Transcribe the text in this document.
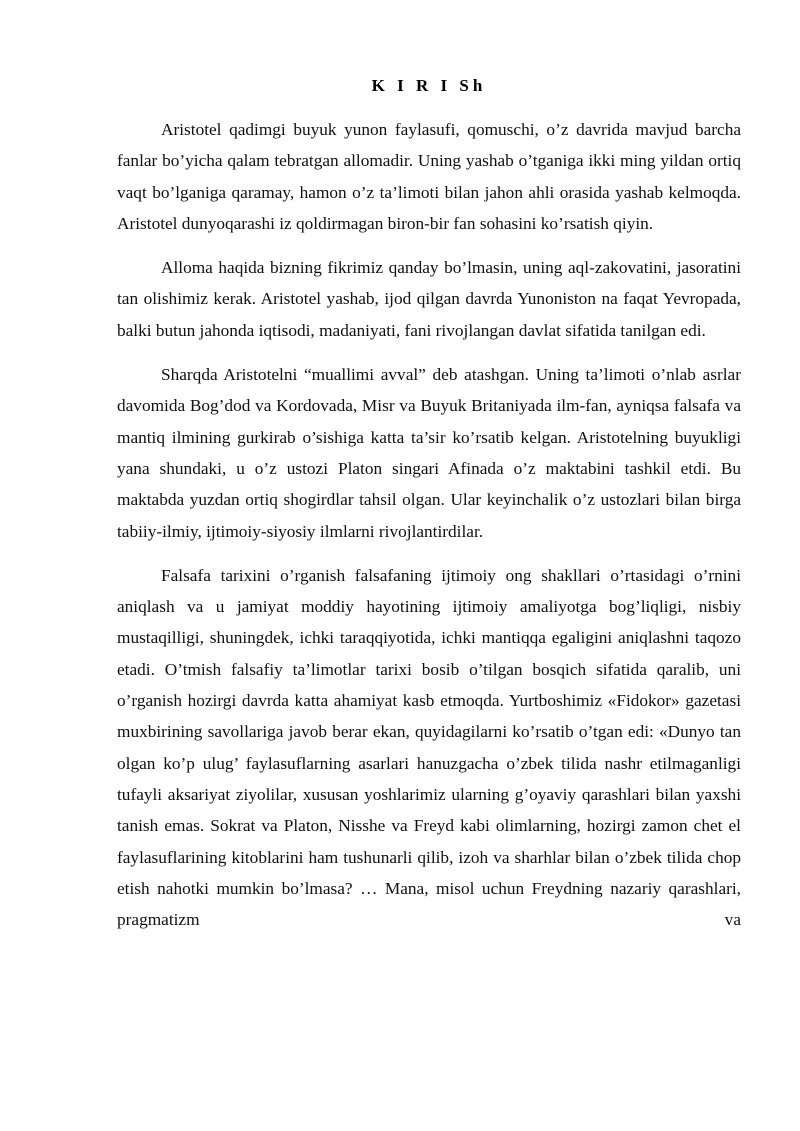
K I R I Sh

Aristotel qadimgi buyuk yunon faylasufi, qomuschi, o’z davrida mavjud barcha fanlar bo’yicha qalam tebratgan allomadir. Uning yashab o’tganiga ikki ming yildan ortiq vaqt bo’lganiga qaramay, hamon o’z ta’limoti bilan jahon ahli orasida yashab kelmoqda. Aristotel dunyoqarashi iz qoldirmagan biron-bir fan sohasini ko’rsatish qiyin.

Alloma haqida bizning fikrimiz qanday bo’lmasin, uning aql-zakovatini, jasoratini tan olishimiz kerak. Aristotel yashab, ijod qilgan davrda Yunoniston na faqat Yevropada, balki butun jahonda iqtisodi, madaniyati, fani rivojlangan davlat sifatida tanilgan edi.

Sharqda Aristotelni “muallimi avval” deb atashgan. Uning ta’limoti o’nlab asrlar davomida Bog’dod va Kordovada, Misr va Buyuk Britaniyada ilm-fan, ayniqsa falsafa va mantiq ilmining gurkirab o’sishiga katta ta’sir ko’rsatib kelgan. Aristotelning buyukligi yana shundaki, u o’z ustozi Platon singari Afinada o’z maktabini tashkil etdi. Bu maktabda yuzdan ortiq shogirdlar tahsil olgan. Ular keyinchalik o’z ustozlari bilan birga tabiiy-ilmiy, ijtimoiy-siyosiy ilmlarni rivojlantirdilar.

Falsafa tarixini o’rganish falsafaning ijtimoiy ong shakllari o’rtasidagi o’rnini aniqlash va u jamiyat moddiy hayotining ijtimoiy amaliyotga bog’liqligi, nisbiy mustaqilligi, shuningdek, ichki taraqqiyotida, ichki mantiqqa egaligini aniqlashni taqozo etadi. O’tmish falsafiy ta’limotlar tarixi bosib o’tilgan bosqich sifatida qaralib, uni o’rganish hozirgi davrda katta ahamiyat kasb etmoqda. Yurtboshimiz «Fidokor» gazetasi muxbirining savollariga javob berar ekan, quyidagilarni ko’rsatib o’tgan edi: «Dunyo tan olgan ko’p ulug’ faylasuflarning asarlari hanuzgacha o’zbek tilida nashr etilmaganligi tufayli aksariyat ziyolilar, xususan yoshlarimiz ularning g’oyaviy qarashlari bilan yaxshi tanish emas. Sokrat va Platon, Nisshe va Freyd kabi olimlarning, hozirgi zamon chet el faylasuflarining kitoblarini ham tushunarli qilib, izoh va sharhlar bilan o’zbek tilida chop etish nahotki mumkin bo’lmasa? … Mana, misol uchun Freydning nazariy qarashlari, pragmatizm va
